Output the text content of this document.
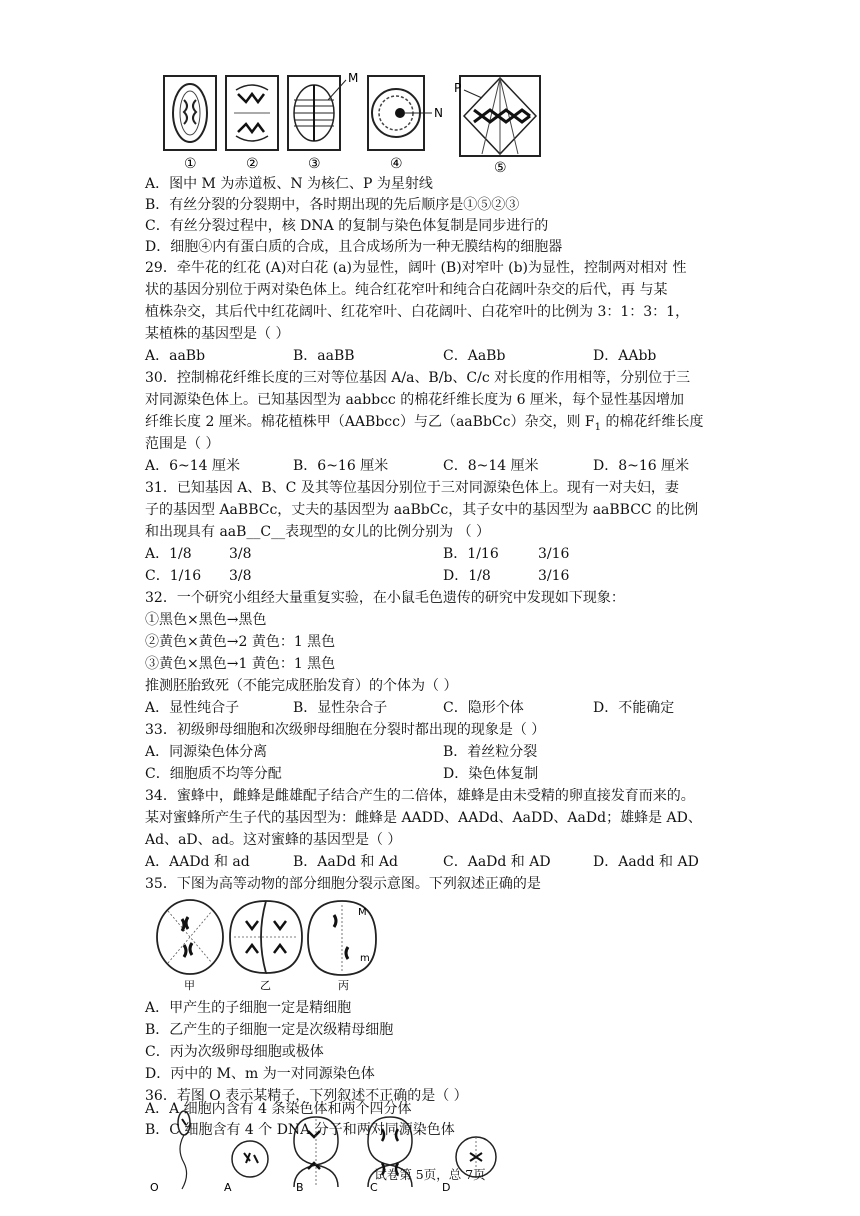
M
N
P
①	②	③	④	⑤
A．图中 M 为赤道板、N 为核仁、P 为星射线
B．有丝分裂的分裂期中，各时期出现的先后顺序是①⑤②③
C．有丝分裂过程中，核 DNA 的复制与染色体复制是同步进行的
D．细胞④内有蛋白质的合成，且合成场所为一种无膜结构的细胞器
29．牵牛花的红花 (A)对白花 (a)为显性，阔叶 (B)对窄叶 (b)为显性，控制两对相对 性
状的基因分别位于两对染色体上。纯合红花窄叶和纯合白花阔叶杂交的后代，再 与某
植株杂交，其后代中红花阔叶、红花窄叶、白花阔叶、白花窄叶的比例为 3：1：3：1，
某植株的基因型是（ ）
A．aaBb	B．aaBB	C．AaBb	D．AAbb
30．控制棉花纤维长度的三对等位基因 A/a、B/b、C/c 对长度的作用相等，分别位于三
对同源染色体上。已知基因型为 aabbcc 的棉花纤维长度为 6 厘米，每个显性基因增加
纤维长度 2 厘米。棉花植株甲（AABbcc）与乙（aaBbCc）杂交，则 $F_1$ 的棉花纤维长度
范围是（ ）
A．6~14 厘米	B．6~16 厘米	C．8~14 厘米	D．8~16 厘米
31．已知基因 A、B、C 及其等位基因分别位于三对同源染色体上。现有一对夫妇，妻
子的基因型 AaBBCc，丈夫的基因型为 aaBbCc，其子女中的基因型为 aaBBCC 的比例
和出现具有 aaB__C__表现型的女儿的比例分别为 （ ）
A．1/8	3/8	B．1/16	3/16
C．1/16 3/8	D．1/8	3/16
32．一个研究小组经大量重复实验，在小鼠毛色遗传的研究中发现如下现象：
①黑色×黑色→黑色
②黄色×黄色→2 黄色：1 黑色
③黄色×黑色→1 黄色：1 黑色
推测胚胎致死（不能完成胚胎发育）的个体为（ ）
A．显性纯合子	B．显性杂合子	C．隐形个体	D．不能确定
33．初级卵母细胞和次级卵母细胞在分裂时都出现的现象是（ ）
A．同源染色体分离	B．着丝粒分裂
C．细胞质不均等分配	D．染色体复制
34．蜜蜂中，雌蜂是雌雄配子结合产生的二倍体，雄蜂是由未受精的卵直接发育而来的。
某对蜜蜂所产生子代的基因型为：雌蜂是 AADD、AADd、AaDD、AaDd；雄蜂是 AD、
Ad、aD、ad。这对蜜蜂的基因型是（ ）
A．AADd 和 ad	B．AaDd 和 Ad	C．AaDd 和 AD	D．Aadd 和 AD
35．下图为高等动物的部分细胞分裂示意图。下列叙述正确的是
M
m
甲	乙	丙
A．甲产生的子细胞一定是精细胞
B．乙产生的子细胞一定是次级精母细胞
C．丙为次级卵母细胞或极体
D．丙中的 M、m 为一对同源染色体
36．若图 O 表示某精子，下列叙述不正确的是（ ）
O	A	B	C	D
A．A 细胞内含有 4 条染色体和两个四分体
B．C 细胞含有 4 个 DNA 分子和两对同源染色体
试卷第 5页，总 7页
